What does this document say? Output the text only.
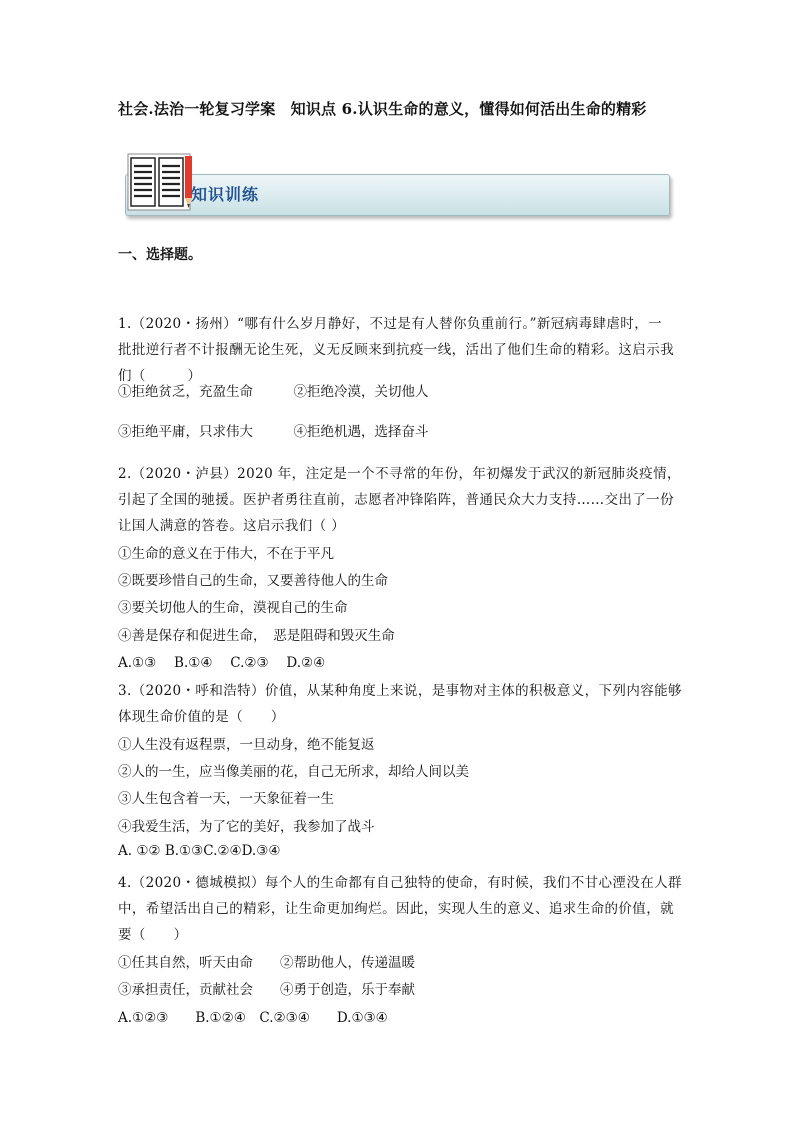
社会.法治一轮复习学案　知识点 6.认识生命的意义，懂得如何活出生命的精彩
知识训练
一、选择题。
1.（2020・扬州）“哪有什么岁月静好，不过是有人替你负重前行。”新冠病毒肆虐时，一
批批逆行者不计报酬无论生死，义无反顾来到抗疫一线，活出了他们生命的精彩。这启示我
们（　　　）
①拒绝贫乏，充盈生命　　　②拒绝冷漠，关切他人
③拒绝平庸，只求伟大　　　④拒绝机遇，选择奋斗
2.（2020・泸县）2020 年，注定是一个不寻常的年份，年初爆发于武汉的新冠肺炎疫情，
引起了全国的驰援。医护者勇往直前，志愿者冲锋陷阵，普通民众大力支持……交出了一份
让国人满意的答卷。这启示我们（ ）
①生命的意义在于伟大，不在于平凡
②既要珍惜自己的生命，又要善待他人的生命
③要关切他人的生命，漠视自己的生命
④善是保存和促进生命，　恶是阻碍和毁灭生命
A.①③　 B.①④　 C.②③　 D.②④
3.（2020・呼和浩特）价值，从某种角度上来说，是事物对主体的积极意义，下列内容能够
体现生命价值的是（　　）
①人生没有返程票，一旦动身，绝不能复返
②人的一生，应当像美丽的花，自己无所求，却给人间以美
③人生包含着一天，一天象征着一生
④我爱生活，为了它的美好，我参加了战斗
A. ①② B.①③C.②④D.③④
4.（2020・德城模拟）每个人的生命都有自己独特的使命，有时候，我们不甘心湮没在人群
中，希望活出自己的精彩，让生命更加绚烂。因此，实现人生的意义、追求生命的价值，就
要（　　）
①任其自然，听天由命　　②帮助他人，传递温暖
③承担责任，贡献社会　　④勇于创造，乐于奉献
A.①②③　　B.①②④　C.②③④　　D.①③④
